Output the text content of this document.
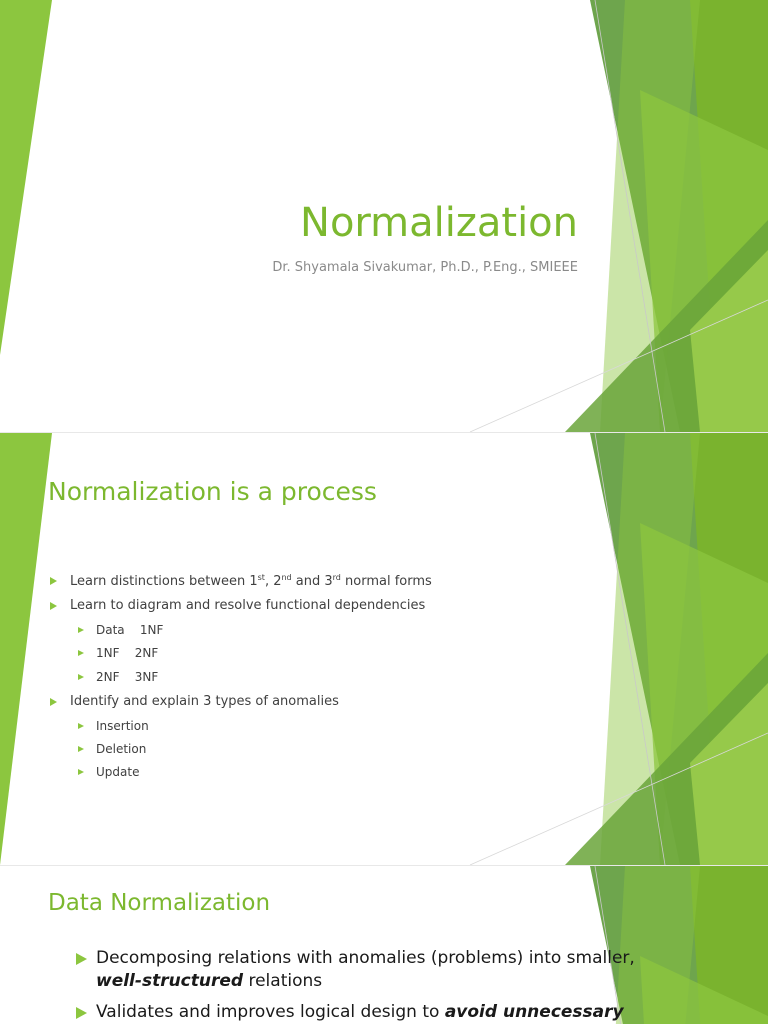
Normalization
Dr. Shyamala Sivakumar, Ph.D., P.Eng., SMIEEE
Normalization is a process
Learn distinctions between 1st, 2nd and 3rd normal forms
Learn to diagram and resolve functional dependencies
Data 1NF
1NF 2NF
2NF 3NF
Identify and explain 3 types of anomalies
Insertion
Deletion
Update
Data Normalization
Decomposing relations with anomalies (problems) into smaller,
well-structured relations
Validates and improves logical design to avoid unnecessary
